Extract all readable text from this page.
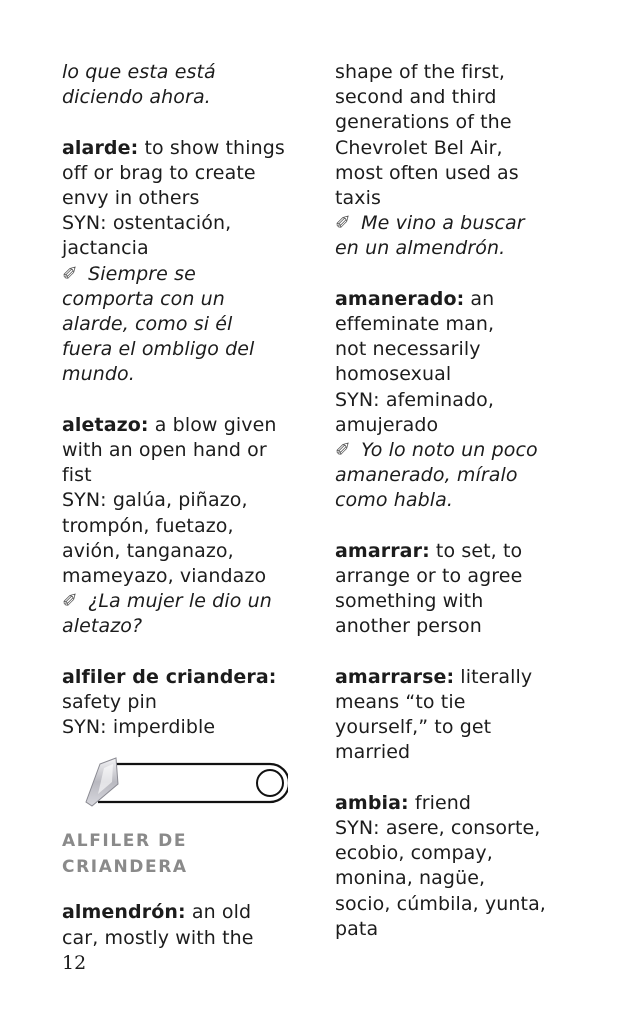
lo que esta está
diciendo ahora.
alarde: to show things
off or brag to create
envy in others
SYN: ostentación,
jactancia
✐ Siempre se
comporta con un
alarde, como si él
fuera el ombligo del
mundo.
aletazo: a blow given
with an open hand or
fist
SYN: galúa, piñazo,
trompón, fuetazo,
avión, tanganazo,
mameyazo, viandazo
✐ ¿La mujer le dio un
aletazo?
alfiler de criandera:
safety pin
SYN: imperdible
ALFILER DE
CRIANDERA
almendrón: an old
car, mostly with the
shape of the first,
second and third
generations of the
Chevrolet Bel Air,
most often used as
taxis
✐ Me vino a buscar
en un almendrón.
amanerado: an
effeminate man,
not necessarily
homosexual
SYN: afeminado,
amujerado
✐ Yo lo noto un poco
amanerado, míralo
como habla.
amarrar: to set, to
arrange or to agree
something with
another person
amarrarse: literally
means “to tie
yourself,” to get
married
ambia: friend
SYN: asere, consorte,
ecobio, compay,
monina, nagüe,
socio, cúmbila, yunta,
pata
12
